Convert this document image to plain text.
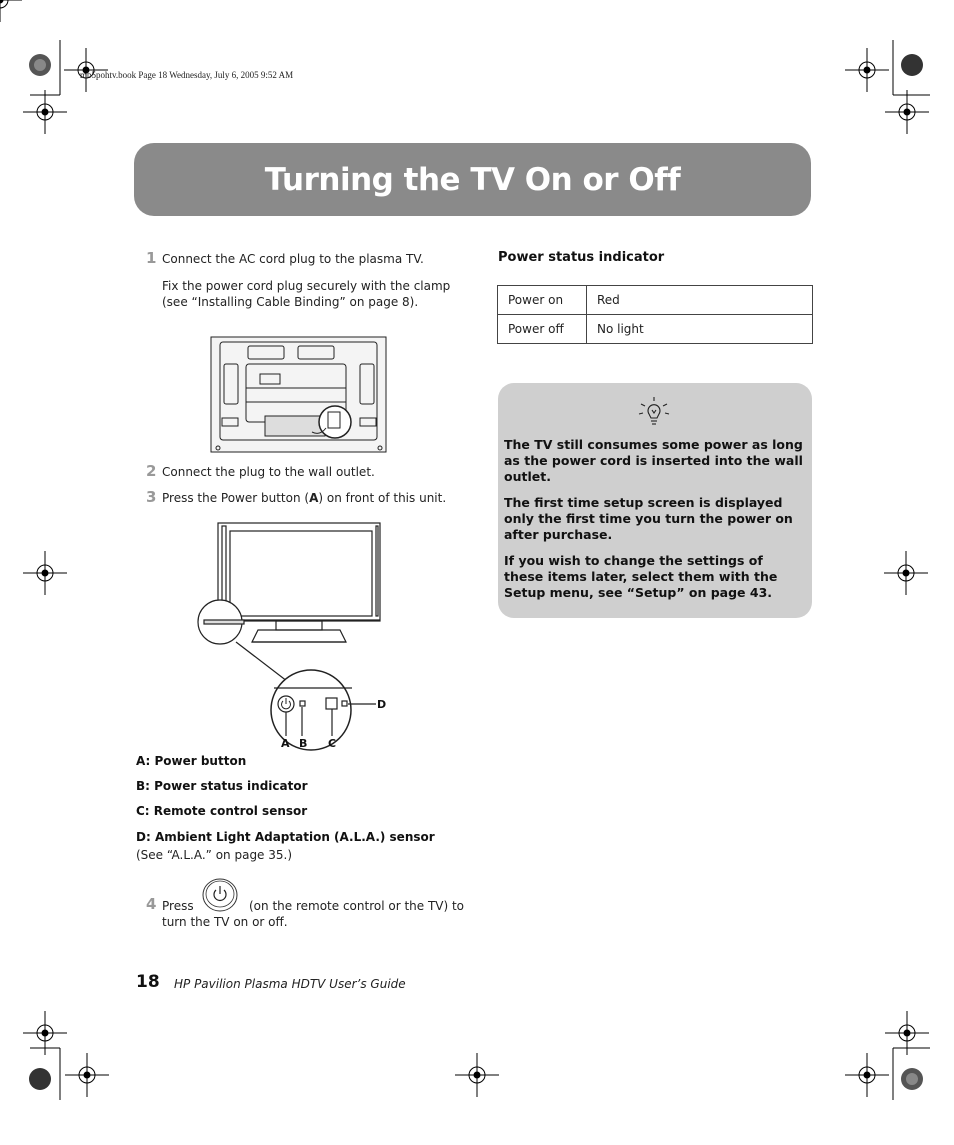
mb5pohtv.book Page 18 Wednesday, July 6, 2005 9:52 AM
Turning the TV On or Off
1 Connect the AC cord plug to the plasma TV.
Fix the power cord plug securely with the clamp
(see “Installing Cable Binding” on page 8).
2 Connect the plug to the wall outlet.
3 Press the Power button (A) on front of this unit.
A B C
D
A: Power button
B: Power status indicator
C: Remote control sensor
D: Ambient Light Adaptation (A.L.A.) sensor
(See “A.L.A.” on page 35.)
4 Press	(on the remote control or the TV) to
turn the TV on or off.
Power status indicator
Power on	Red
Power off	No light

The TV still consumes some power as long as the power cord is inserted into the wall outlet.

The first time setup screen is displayed only the first time you turn the power on after purchase.

If you wish to change the settings of these items later, select them with the Setup menu, see “Setup” on page 43.

18 HP Pavilion Plasma HDTV User’s Guide
